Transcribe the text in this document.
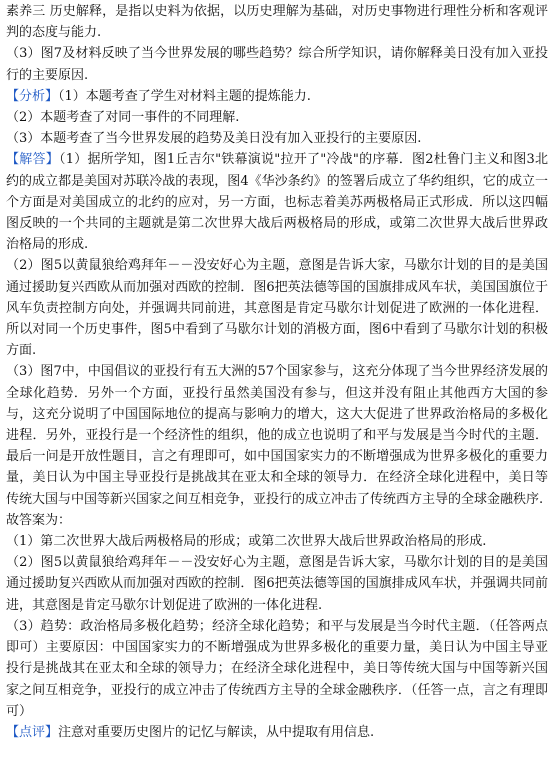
素养三 历史解释，是指以史料为依据，以历史理解为基础，对历史事物进行理性分析和客观评判的态度与能力.

（3）图7及材料反映了当今世界发展的哪些趋势？综合所学知识，请你解释美日没有加入亚投行的主要原因.

【分析】（1）本题考查了学生对材料主题的提炼能力.

（2）本题考查了对同一事件的不同理解.

（3）本题考查了当今世界发展的趋势及美日没有加入亚投行的主要原因.

【解答】（1）据所学知，图1丘吉尔"铁幕演说"拉开了"冷战"的序幕．图2杜鲁门主义和图3北约的成立都是美国对苏联冷战的表现，图4《华沙条约》的签署后成立了华约组织，它的成立一个方面是对美国成立的北约的应对，另一方面，也标志着美苏两极格局正式形成．所以这四幅图反映的一个共同的主题就是第二次世界大战后两极格局的形成，或第二次世界大战后世界政治格局的形成.

（2）图5以黄鼠狼给鸡拜年－－没安好心为主题，意图是告诉大家，马歇尔计划的目的是美国通过援助复兴西欧从而加强对西欧的控制．图6把英法德等国的国旗排成风车状，美国国旗位于风车负责控制方向处，并强调共同前进，其意图是肯定马歇尔计划促进了欧洲的一体化进程．所以对同一个历史事件，图5中看到了马歇尔计划的消极方面，图6中看到了马歇尔计划的积极方面.

（3）图7中，中国倡议的亚投行有五大洲的57个国家参与，这充分体现了当今世界经济发展的全球化趋势．另外一个方面，亚投行虽然美国没有参与，但这并没有阻止其他西方大国的参与，这充分说明了中国国际地位的提高与影响力的增大，这大大促进了世界政治格局的多极化进程．另外，亚投行是一个经济性的组织，他的成立也说明了和平与发展是当今时代的主题．最后一问是开放性题目，言之有理即可，如中国国家实力的不断增强成为世界多极化的重要力量，美日认为中国主导亚投行是挑战其在亚太和全球的领导力．在经济全球化进程中，美日等传统大国与中国等新兴国家之间互相竞争，亚投行的成立冲击了传统西方主导的全球金融秩序.

故答案为：

（1）第二次世界大战后两极格局的形成；或第二次世界大战后世界政治格局的形成.

（2）图5以黄鼠狼给鸡拜年－－没安好心为主题，意图是告诉大家，马歇尔计划的目的是美国通过援助复兴西欧从而加强对西欧的控制．图6把英法德等国的国旗排成风车状，并强调共同前进，其意图是肯定马歇尔计划促进了欧洲的一体化进程.

（3）趋势：政治格局多极化趋势；经济全球化趋势；和平与发展是当今时代主题．（任答两点即可）主要原因：中国国家实力的不断增强成为世界多极化的重要力量，美日认为中国主导亚投行是挑战其在亚太和全球的领导力；在经济全球化进程中，美日等传统大国与中国等新兴国家之间互相竞争，亚投行的成立冲击了传统西方主导的全球金融秩序．（任答一点，言之有理即可）

【点评】注意对重要历史图片的记忆与解读，从中提取有用信息.
